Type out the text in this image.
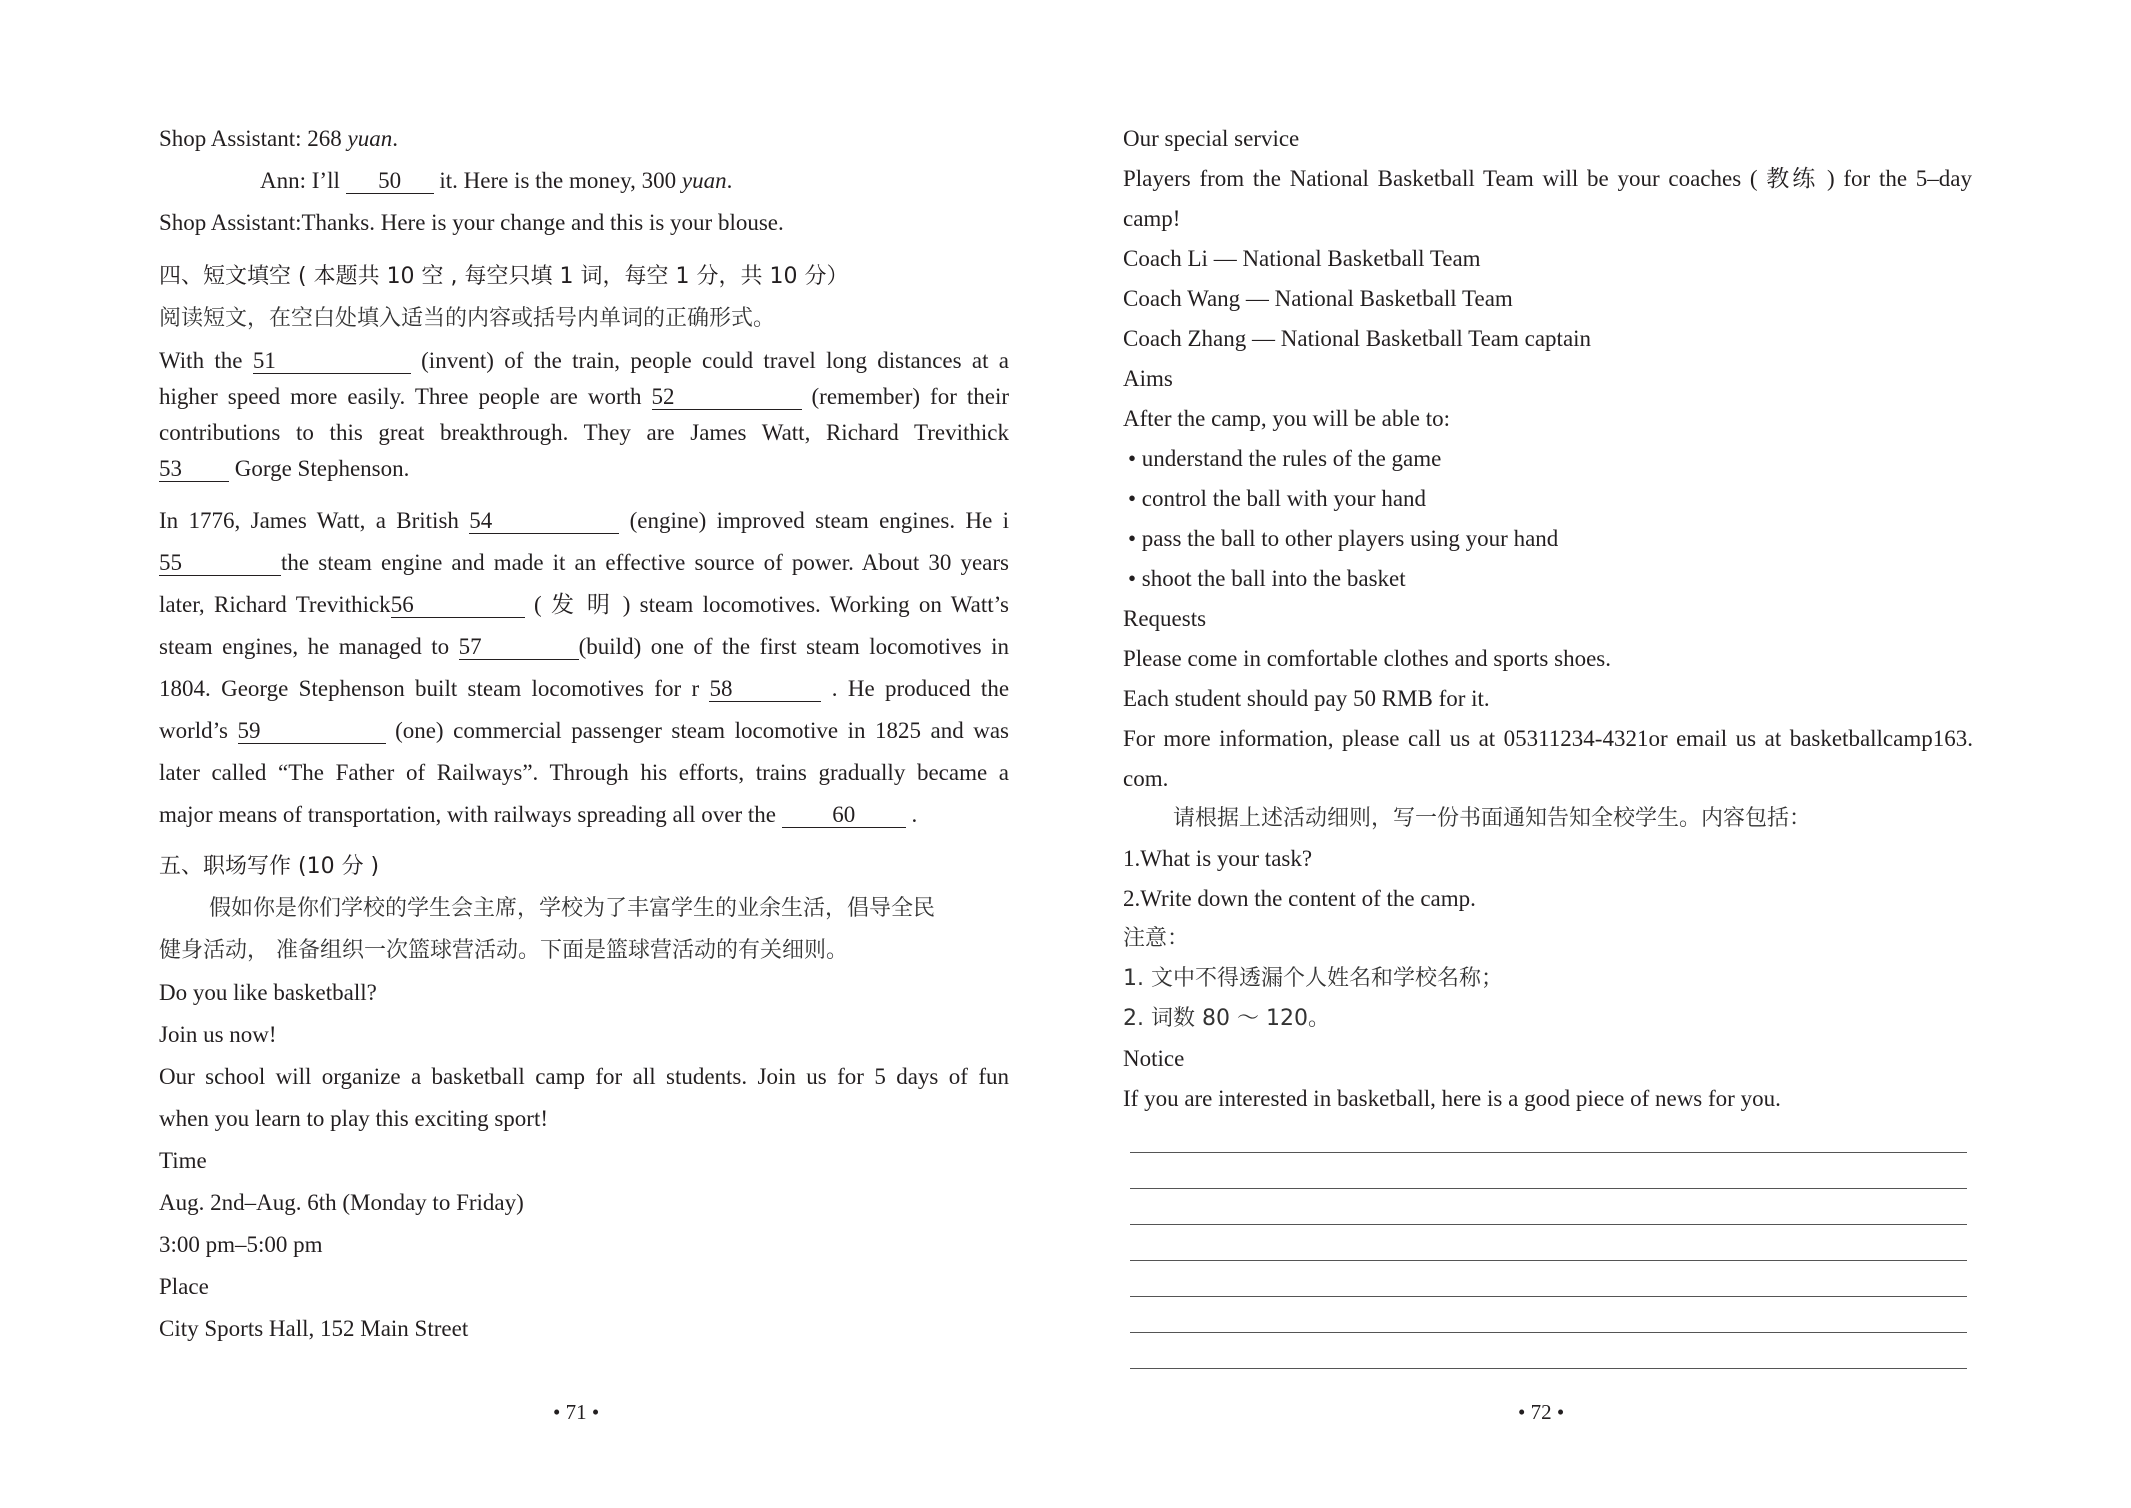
Shop Assistant: 268 yuan.
Ann: I’ll 50 it. Here is the money, 300 yuan.
Shop Assistant:Thanks. Here is your change and this is your blouse.
四、短文填空 ( 本题共 10 空 , 每空只填 1 词，每空 1 分，共 10 分）
阅读短文，在空白处填入适当的内容或括号内单词的正确形式。
With the 51	(invent) of the train, people could travel long distances at a
higher speed more easily. Three people are worth 52	(remember) for their
contributions to this great breakthrough. They are James Watt, Richard Trevithick
53 Gorge Stephenson.
In 1776, James Watt, a British 54	(engine) improved steam engines. He i
55	the steam engine and made it an effective source of power. About 30 years
later, Richard Trevithick56	( 发 明 ) steam locomotives. Working on Watt’s
steam engines, he managed to 57	(build) one of the first steam locomotives in
1804. George Stephenson built steam locomotives for r 58	. He produced the
world’s 59	(one) commercial passenger steam locomotive in 1825 and was
later called “The Father of Railways”. Through his efforts, trains gradually became a
major means of transportation, with railways spreading all over the 60 .
五、职场写作 (10 分 )
假如你是你们学校的学生会主席，学校为了丰富学生的业余生活，倡导全民
健身活动， 准备组织一次篮球营活动。下面是篮球营活动的有关细则。
Do you like basketball?
Join us now!
Our school will organize a basketball camp for all students. Join us for 5 days of fun
when you learn to play this exciting sport!
Time
Aug. 2nd–Aug. 6th (Monday to Friday)
3:00 pm–5:00 pm
Place
City Sports Hall, 152 Main Street
• 71 •
Our special service
Players from the National Basketball Team will be your coaches ( 教练 ) for the 5–day
camp!
Coach Li — National Basketball Team
Coach Wang — National Basketball Team
Coach Zhang — National Basketball Team captain
Aims
After the camp, you will be able to:
• understand the rules of the game
• control the ball with your hand
• pass the ball to other players using your hand
• shoot the ball into the basket
Requests
Please come in comfortable clothes and sports shoes.
Each student should pay 50 RMB for it.
For more information, please call us at 05311234-4321or email us at basketballcamp163.
com.
请根据上述活动细则，写一份书面通知告知全校学生。内容包括：
1.What is your task?
2.Write down the content of the camp.
注意：
1. 文中不得透漏个人姓名和学校名称；
2. 词数 80 ～ 120。
Notice
If you are interested in basketball, here is a good piece of news for you.
• 72 •
